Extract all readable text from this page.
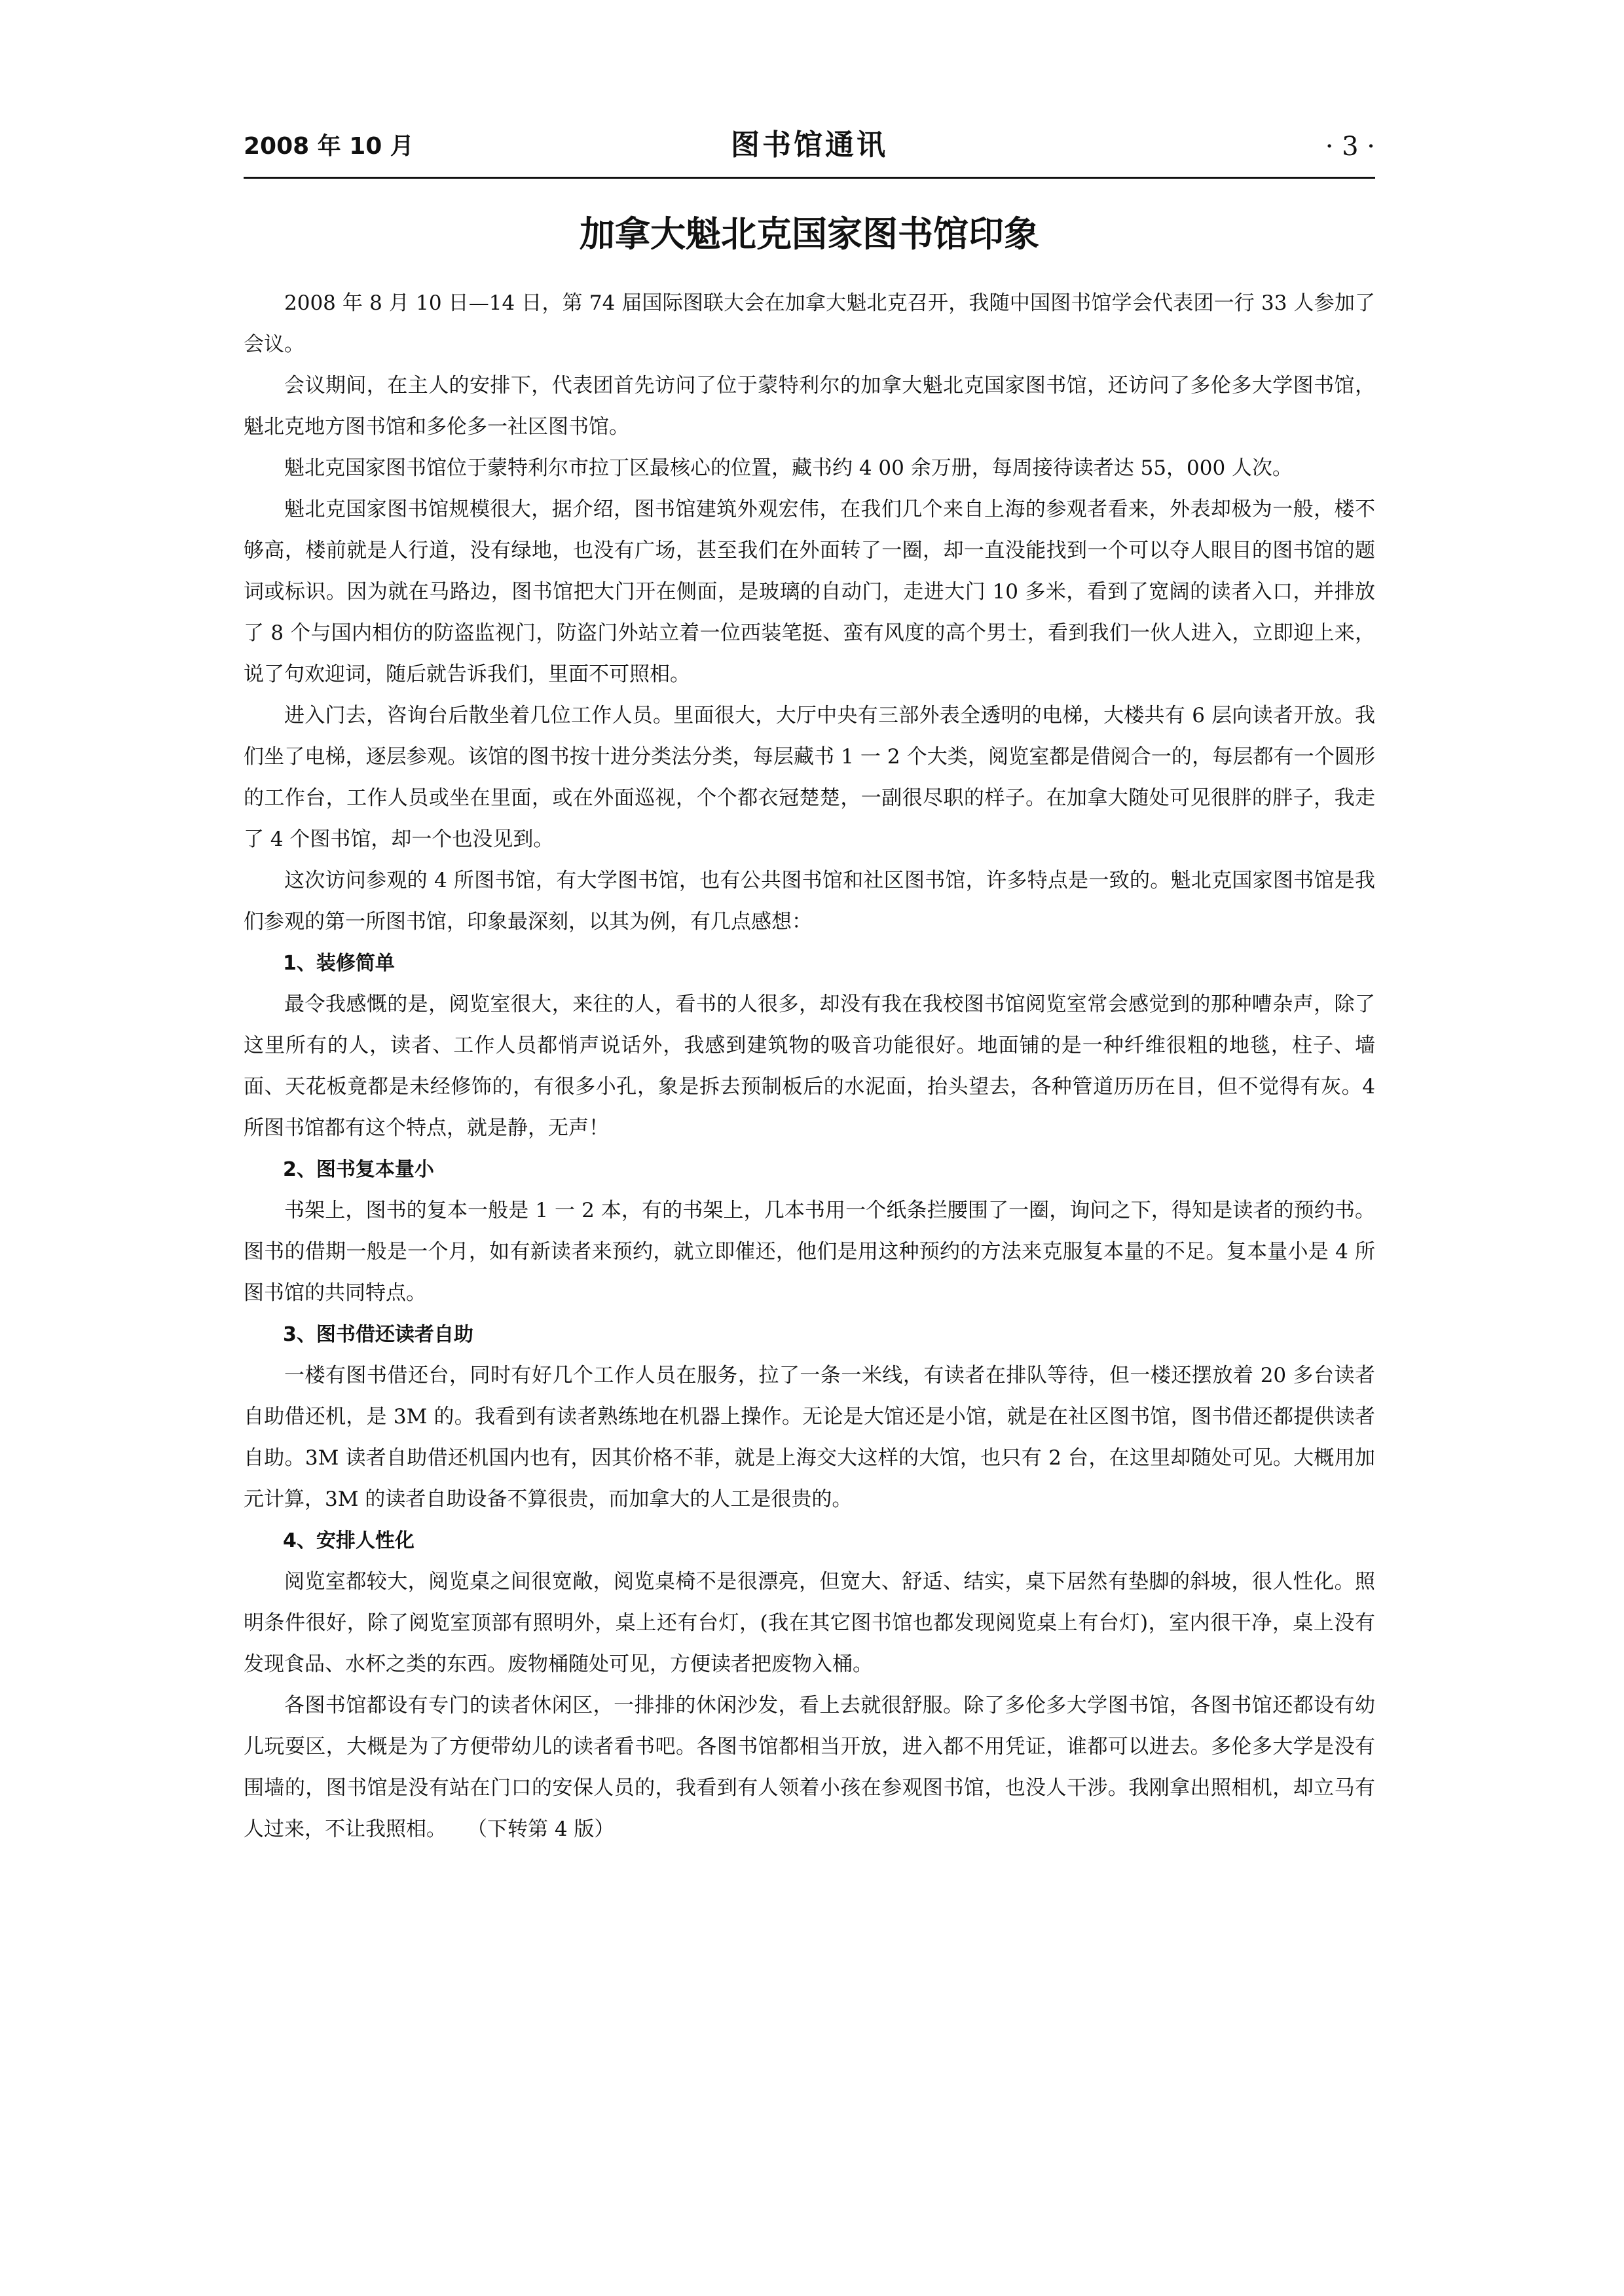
2008 年 10 月	图书馆通讯	· 3 ·
加拿大魁北克国家图书馆印象

2008 年 8 月 10 日—14 日，第 74 届国际图联大会在加拿大魁北克召开，我随中国图书馆学会代表团一行 33 人参加了会议。

会议期间，在主人的安排下，代表团首先访问了位于蒙特利尔的加拿大魁北克国家图书馆，还访问了多伦多大学图书馆，魁北克地方图书馆和多伦多一社区图书馆。

魁北克国家图书馆位于蒙特利尔市拉丁区最核心的位置，藏书约 4 00 余万册，每周接待读者达 55，000 人次。

魁北克国家图书馆规模很大，据介绍，图书馆建筑外观宏伟，在我们几个来自上海的参观者看来，外表却极为一般，楼不够高，楼前就是人行道，没有绿地，也没有广场，甚至我们在外面转了一圈，却一直没能找到一个可以夺人眼目的图书馆的题词或标识。因为就在马路边，图书馆把大门开在侧面，是玻璃的自动门，走进大门 10 多米，看到了宽阔的读者入口，并排放了 8 个与国内相仿的防盗监视门，防盗门外站立着一位西装笔挺、蛮有风度的高个男士，看到我们一伙人进入，立即迎上来，说了句欢迎词，随后就告诉我们，里面不可照相。

进入门去，咨询台后散坐着几位工作人员。里面很大，大厅中央有三部外表全透明的电梯，大楼共有 6 层向读者开放。我们坐了电梯，逐层参观。该馆的图书按十进分类法分类，每层藏书 1 一 2 个大类，阅览室都是借阅合一的，每层都有一个圆形的工作台，工作人员或坐在里面，或在外面巡视，个个都衣冠楚楚，一副很尽职的样子。在加拿大随处可见很胖的胖子，我走了 4 个图书馆，却一个也没见到。

这次访问参观的 4 所图书馆，有大学图书馆，也有公共图书馆和社区图书馆，许多特点是一致的。魁北克国家图书馆是我们参观的第一所图书馆，印象最深刻，以其为例，有几点感想：

1、装修简单

最令我感慨的是，阅览室很大，来往的人，看书的人很多，却没有我在我校图书馆阅览室常会感觉到的那种嘈杂声，除了这里所有的人，读者、工作人员都悄声说话外，我感到建筑物的吸音功能很好。地面铺的是一种纤维很粗的地毯，柱子、墙面、天花板竟都是未经修饰的，有很多小孔，象是拆去预制板后的水泥面，抬头望去，各种管道历历在目，但不觉得有灰。4 所图书馆都有这个特点，就是静，无声！

2、图书复本量小

书架上，图书的复本一般是 1 一 2 本，有的书架上，几本书用一个纸条拦腰围了一圈，询问之下，得知是读者的预约书。图书的借期一般是一个月，如有新读者来预约，就立即催还，他们是用这种预约的方法来克服复本量的不足。复本量小是 4 所图书馆的共同特点。

3、图书借还读者自助

一楼有图书借还台，同时有好几个工作人员在服务，拉了一条一米线，有读者在排队等待，但一楼还摆放着 20 多台读者自助借还机，是 3M 的。我看到有读者熟练地在机器上操作。无论是大馆还是小馆，就是在社区图书馆，图书借还都提供读者自助。3M 读者自助借还机国内也有，因其价格不菲，就是上海交大这样的大馆，也只有 2 台，在这里却随处可见。大概用加元计算，3M 的读者自助设备不算很贵，而加拿大的人工是很贵的。

4、安排人性化

阅览室都较大，阅览桌之间很宽敞，阅览桌椅不是很漂亮，但宽大、舒适、结实，桌下居然有垫脚的斜坡，很人性化。照明条件很好，除了阅览室顶部有照明外，桌上还有台灯，(我在其它图书馆也都发现阅览桌上有台灯)，室内很干净，桌上没有发现食品、水杯之类的东西。废物桶随处可见，方便读者把废物入桶。

各图书馆都设有专门的读者休闲区，一排排的休闲沙发，看上去就很舒服。除了多伦多大学图书馆，各图书馆还都设有幼儿玩耍区，大概是为了方便带幼儿的读者看书吧。各图书馆都相当开放，进入都不用凭证，谁都可以进去。多伦多大学是没有围墙的，图书馆是没有站在门口的安保人员的，我看到有人领着小孩在参观图书馆，也没人干涉。我刚拿出照相机，却立马有人过来，不让我照相。 （下转第 4 版）
